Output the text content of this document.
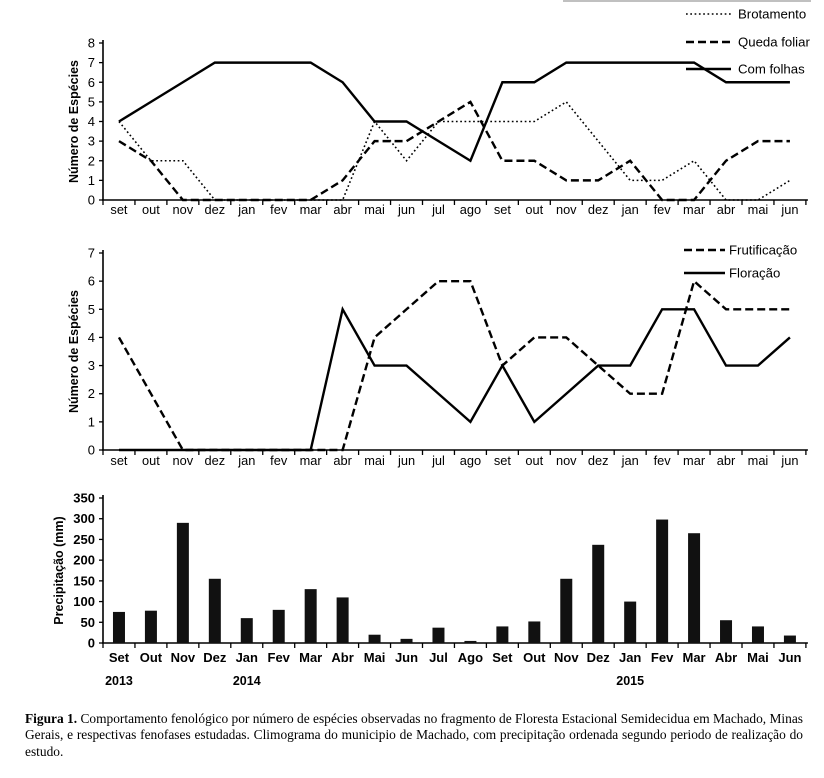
0
1
2
3
4
5
6
7
8
set out nov dez jan fev mar abr mai jun jul ago set out nov dez jan fev mar abr mai jun
Número de Espécies	Com folhas
Queda foliar
Brotamento
0
1
2
3
4
5
6
7
set out nov dez jan fev mar abr mai jun jul ago set out nov dez jan fev mar abr mai jun
Número de Espécies
Floração
Frutificação
0
50
100
150
200
250
300
350
Set Out Nov Dez Jan Fev Mar Abr Mai Jun Jul Ago Set Out Nov Dez Jan Fev Mar Abr Mai Jun
Precipitação (mm)
2013	2014	2015
Figura 1. Comportamento fenológico por número de espécies observadas no fragmento de Floresta Estacional Semidecidua em Machado, Minas Gerais, e respectivas fenofases estudadas. Climograma do municipio de Machado, com precipitação ordenada segundo periodo de realização do estudo.
